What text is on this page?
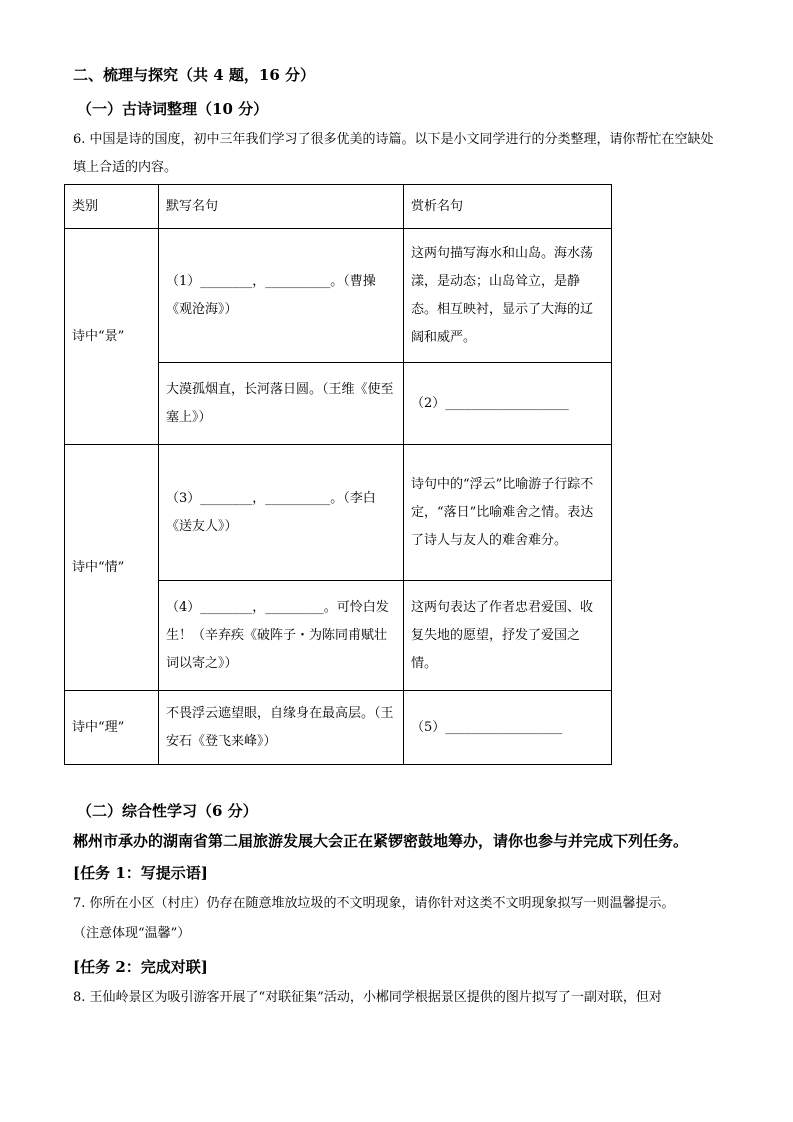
二、梳理与探究（共 4 题，16 分）
（一）古诗词整理（10 分）
6. 中国是诗的国度，初中三年我们学习了很多优美的诗篇。以下是小文同学进行的分类整理，请你帮忙在空缺处填上合适的内容。
类别	默写名句	赏析名句
诗中“景”	（1）________，__________。（曹操《观沧海》）	这两句描写海水和山岛。海水荡漾，是动态；山岛耸立，是静态。相互映衬，显示了大海的辽阔和威严。
	大漠孤烟直，长河落日圆。（王维《使至塞上》）	（2）___________________
诗中“情”	（3）________，__________。（李白《送友人》）	诗句中的“浮云”比喻游子行踪不定，“落日”比喻难舍之情。表达了诗人与友人的难舍难分。
	（4）________，_________。可怜白发生！（辛弃疾《破阵子・为陈同甫赋壮词以寄之》）	这两句表达了作者忠君爱国、收复失地的愿望，抒发了爱国之情。
诗中“理”	不畏浮云遮望眼，自缘身在最高层。（王安石《登飞来峰》）	（5）__________________
（二）综合性学习（6 分）
郴州市承办的湖南省第二届旅游发展大会正在紧锣密鼓地筹办，请你也参与并完成下列任务。
[任务 1：写提示语]
7. 你所在小区（村庄）仍存在随意堆放垃圾的不文明现象，请你针对这类不文明现象拟写一则温馨提示。
（注意体现“温馨”）
[任务 2：完成对联]
8. 王仙岭景区为吸引游客开展了“对联征集”活动，小郴同学根据景区提供的图片拟写了一副对联，但对
